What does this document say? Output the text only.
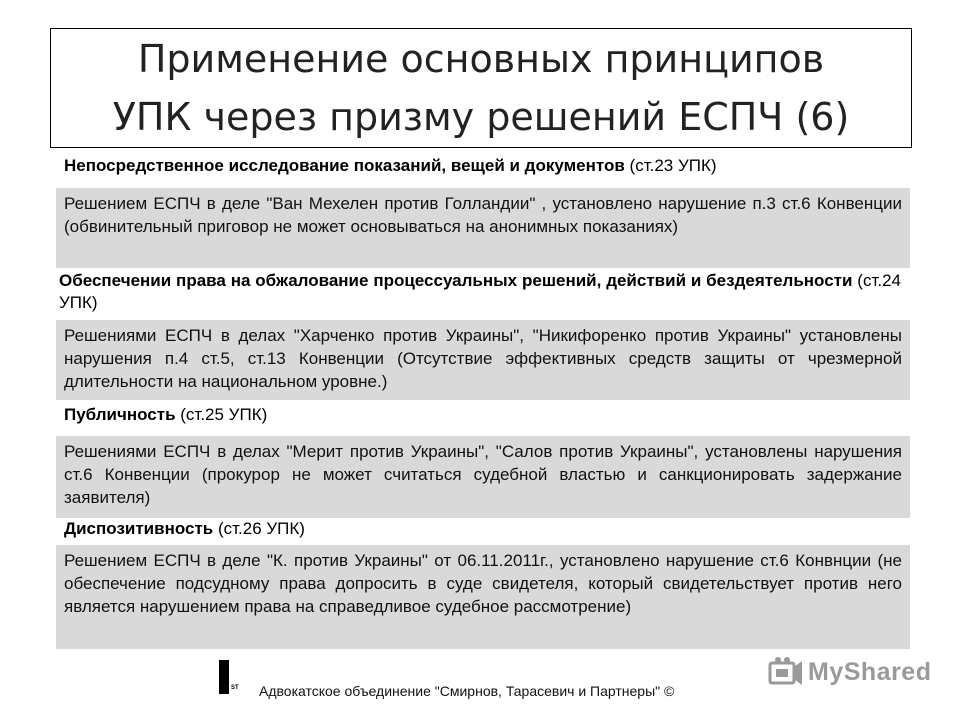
Применение основных принципов
УПК через призму решений ЕСПЧ (6)

Непосредственное исследование показаний, вещей и документов (ст.23 УПК)

Решением ЕСПЧ в деле "Ван Мехелен против Голландии" , установлено нарушение п.3 ст.6 Конвенции (обвинительный приговор не может основываться на анонимных показаниях)

Обеспечении права на обжалование процессуальных решений, действий и бездеятельности (ст.24 УПК)

Решениями ЕСПЧ в делах "Харченко против Украины", "Никифоренко против Украины" установлены нарушения п.4 ст.5, ст.13 Конвенции (Отсутствие эффективных средств защиты от чрезмерной длительности на национальном уровне.)

Публичность (ст.25 УПК)

Решениями ЕСПЧ в делах "Мерит против Украины", "Салов против Украины", установлены нарушения ст.6 Конвенции (прокурор не может считаться судебной властью и санкционировать задержание заявителя)

Диспозитивность (ст.26 УПК)

Решением ЕСПЧ в деле "К. против Украины" от 06.11.2011г., установлено нарушение ст.6 Конвнции (не обеспечение подсудному права допросить в суде свидетеля, который свидетельствует против него является нарушением права на справедливое судебное рассмотрение)
ST Адвокатское объединение "Смирнов, Тарасевич и Партнеры" ©
MyShared
